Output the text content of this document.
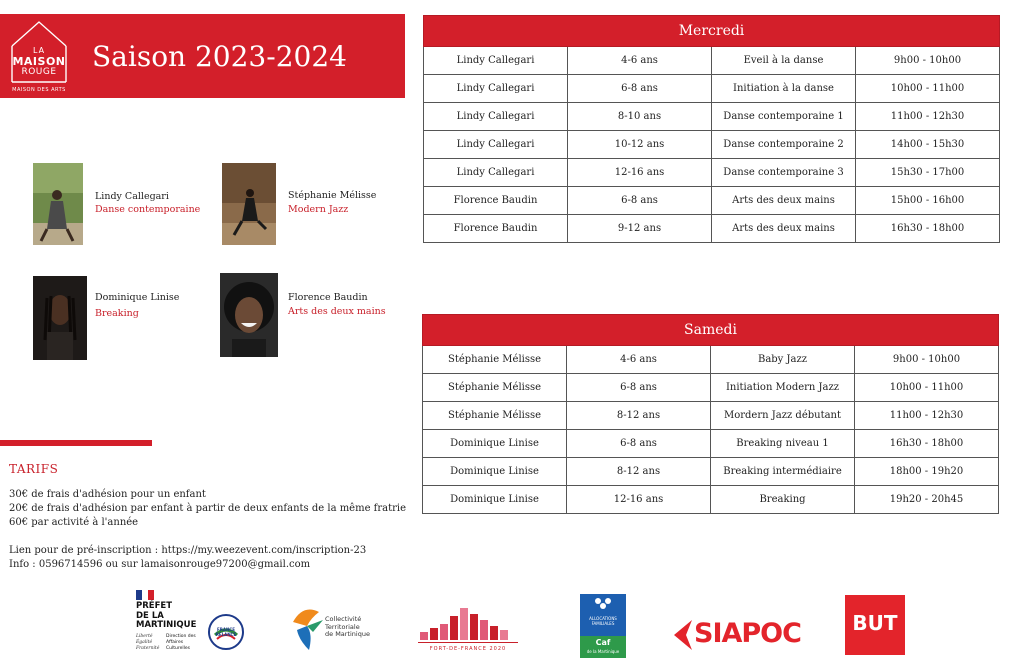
LA
MAISON
ROUGE
MAISON DES ARTS
Saison 2023-2024
Lindy Callegari
Danse contemporaine
Stéphanie Mélisse
Modern Jazz
Dominique Linise
Breaking
Florence Baudin
Arts des deux mains
Mercredi			
Lindy Callegari	4-6 ans	Eveil à la danse	9h00 - 10h00
Lindy Callegari	6-8 ans	Initiation à la danse	10h00 - 11h00
Lindy Callegari	8-10 ans	Danse contemporaine 1	11h00 - 12h30
Lindy Callegari	10-12 ans	Danse contemporaine 2	14h00 - 15h30
Lindy Callegari	12-16 ans	Danse contemporaine 3	15h30 - 17h00
Florence Baudin	6-8 ans	Arts des deux mains	15h00 - 16h00
Florence Baudin	9-12 ans	Arts des deux mains	16h30 - 18h00
Samedi			
Stéphanie Mélisse	4-6 ans	Baby Jazz	9h00 - 10h00
Stéphanie Mélisse	6-8 ans	Initiation Modern Jazz	10h00 - 11h00
Stéphanie Mélisse	8-12 ans	Mordern Jazz débutant	11h00 - 12h30
Dominique Linise	6-8 ans	Breaking niveau 1	16h30 - 18h00
Dominique Linise	8-12 ans	Breaking intermédiaire	18h00 - 19h20
Dominique Linise	12-16 ans	Breaking	19h20 - 20h45
TARIFS
30€ de frais d'adhésion pour un enfant
20€ de frais d'adhésion par enfant à partir de deux enfants de la même fratrie
60€ par activité à l'année
Lien pour de pré-inscription : https://my.weezevent.com/inscription-23
Info : 0596714596 ou sur lamaisonrouge97200@gmail.com
PRÉFET
DE LA
MARTINIQUE
Liberté Égalité Fraternité
Direction des Affaires Culturelles
FRANCE RELANCE
Collectivité
Territoriale
de Martinique
FORT-DE-FRANCE 2020
ALLOCATIONS FAMILIALES
Caf
de la Martinique
SIAPOC	BUT
